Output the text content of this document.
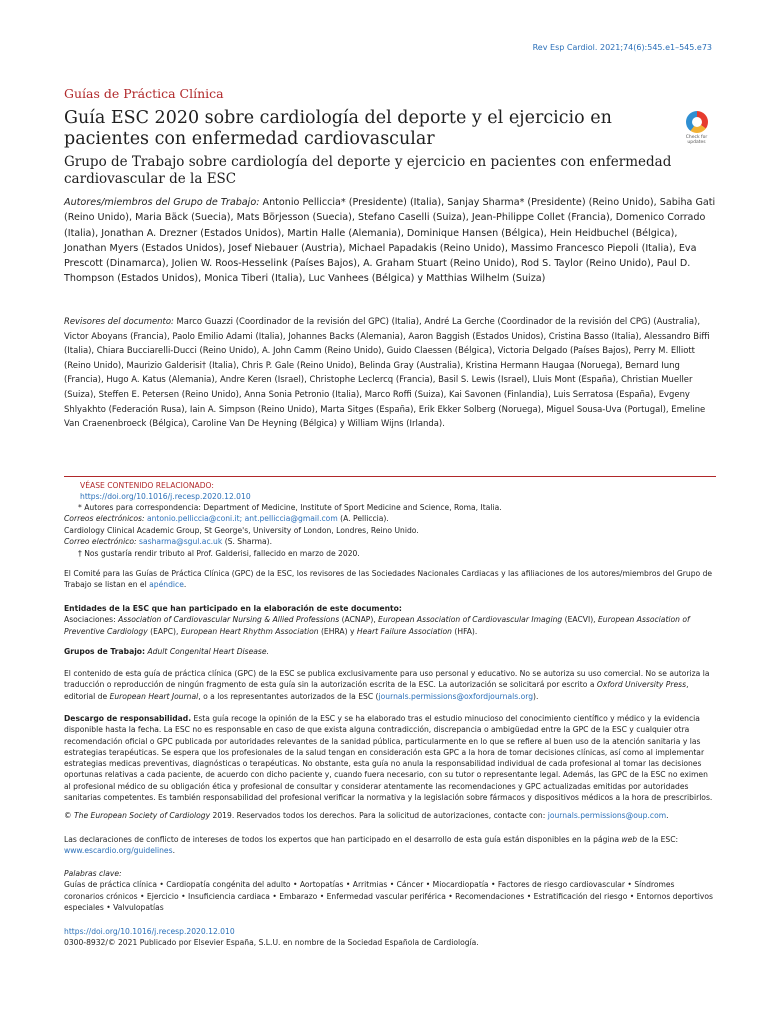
Rev Esp Cardiol. 2021;74(6):545.e1–545.e73
Guías de Práctica Clínica
Guía ESC 2020 sobre cardiología del deporte y el ejercicio en pacientes con enfermedad cardiovascular	Check for updates
Grupo de Trabajo sobre cardiología del deporte y ejercicio en pacientes con enfermedad cardiovascular de la ESC
Autores/miembros del Grupo de Trabajo: Antonio Pelliccia* (Presidente) (Italia), Sanjay Sharma* (Presidente) (Reino Unido), Sabiha Gati (Reino Unido), Maria Bäck (Suecia), Mats Börjesson (Suecia), Stefano Caselli (Suiza), Jean-Philippe Collet (Francia), Domenico Corrado (Italia), Jonathan A. Drezner (Estados Unidos), Martin Halle (Alemania), Dominique Hansen (Bélgica), Hein Heidbuchel (Bélgica), Jonathan Myers (Estados Unidos), Josef Niebauer (Austria), Michael Papadakis (Reino Unido), Massimo Francesco Piepoli (Italia), Eva Prescott (Dinamarca), Jolien W. Roos-Hesselink (Países Bajos), A. Graham Stuart (Reino Unido), Rod S. Taylor (Reino Unido), Paul D. Thompson (Estados Unidos), Monica Tiberi (Italia), Luc Vanhees (Bélgica) y Matthias Wilhelm (Suiza)
Revisores del documento: Marco Guazzi (Coordinador de la revisión del GPC) (Italia), André La Gerche (Coordinador de la revisión del CPG) (Australia), Victor Aboyans (Francia), Paolo Emilio Adami (Italia), Johannes Backs (Alemania), Aaron Baggish (Estados Unidos), Cristina Basso (Italia), Alessandro Biffi (Italia), Chiara Bucciarelli-Ducci (Reino Unido), A. John Camm (Reino Unido), Guido Claessen (Bélgica), Victoria Delgado (Países Bajos), Perry M. Elliott (Reino Unido), Maurizio Galderisi† (Italia), Chris P. Gale (Reino Unido), Belinda Gray (Australia), Kristina Hermann Haugaa (Noruega), Bernard Iung (Francia), Hugo A. Katus (Alemania), Andre Keren (Israel), Christophe Leclercq (Francia), Basil S. Lewis (Israel), Lluis Mont (España), Christian Mueller (Suiza), Steffen E. Petersen (Reino Unido), Anna Sonia Petronio (Italia), Marco Roffi (Suiza), Kai Savonen (Finlandia), Luis Serratosa (España), Evgeny Shlyakhto (Federación Rusa), Iain A. Simpson (Reino Unido), Marta Sitges (España), Erik Ekker Solberg (Noruega), Miguel Sousa-Uva (Portugal), Emeline Van Craenenbroeck (Bélgica), Caroline Van De Heyning (Bélgica) y William Wijns (Irlanda).
VÉASE CONTENIDO RELACIONADO:
https://doi.org/10.1016/j.recesp.2020.12.010

* Autores para correspondencia: Department of Medicine, Institute of Sport Medicine and Science, Roma, Italia.

Correos electrónicos: antonio.pelliccia@coni.it; ant.pelliccia@gmail.com (A. Pelliccia).

Cardiology Clinical Academic Group, St George's, University of London, Londres, Reino Unido.

Correo electrónico: sasharma@sgul.ac.uk (S. Sharma).

† Nos gustaría rendir tributo al Prof. Galderisi, fallecido en marzo de 2020.

El Comité para las Guías de Práctica Clínica (GPC) de la ESC, los revisores de las Sociedades Nacionales Cardiacas y las afiliaciones de los autores/miembros del Grupo de Trabajo se listan en el apéndice.

Entidades de la ESC que han participado en la elaboración de este documento:
Asociaciones: Association of Cardiovascular Nursing & Allied Professions (ACNAP), European Association of Cardiovascular Imaging (EACVI), European Association of Preventive Cardiology (EAPC), European Heart Rhythm Association (EHRA) y Heart Failure Association (HFA).

Grupos de Trabajo: Adult Congenital Heart Disease.

El contenido de esta guía de práctica clínica (GPC) de la ESC se publica exclusivamente para uso personal y educativo. No se autoriza su uso comercial. No se autoriza la traducción o reproducción de ningún fragmento de esta guía sin la autorización escrita de la ESC. La autorización se solicitará por escrito a Oxford University Press, editorial de European Heart Journal, o a los representantes autorizados de la ESC (journals.permissions@oxfordjournals.org).

Descargo de responsabilidad. Esta guía recoge la opinión de la ESC y se ha elaborado tras el estudio minucioso del conocimiento científico y médico y la evidencia disponible hasta la fecha. La ESC no es responsable en caso de que exista alguna contradicción, discrepancia o ambigüedad entre la GPC de la ESC y cualquier otra recomendación oficial o GPC publicada por autoridades relevantes de la sanidad pública, particularmente en lo que se refiere al buen uso de la atención sanitaria y las estrategias terapéuticas. Se espera que los profesionales de la salud tengan en consideración esta GPC a la hora de tomar decisiones clínicas, así como al implementar estrategias medicas preventivas, diagnósticas o terapéuticas. No obstante, esta guía no anula la responsabilidad individual de cada profesional al tomar las decisiones oportunas relativas a cada paciente, de acuerdo con dicho paciente y, cuando fuera necesario, con su tutor o representante legal. Además, las GPC de la ESC no eximen al profesional médico de su obligación ética y profesional de consultar y considerar atentamente las recomendaciones y GPC actualizadas emitidas por autoridades sanitarias competentes. Es también responsabilidad del profesional verificar la normativa y la legislación sobre fármacos y dispositivos médicos a la hora de prescribirlos.

© The European Society of Cardiology 2019. Reservados todos los derechos. Para la solicitud de autorizaciones, contacte con: journals.permissions@oup.com.

Las declaraciones de conflicto de intereses de todos los expertos que han participado en el desarrollo de esta guía están disponibles en la página web de la ESC: www.escardio.org/guidelines.

Palabras clave:
Guías de práctica clínica • Cardiopatía congénita del adulto • Aortopatías • Arritmias • Cáncer • Miocardiopatía • Factores de riesgo cardiovascular • Síndromes coronarios crónicos • Ejercicio • Insuficiencia cardiaca • Embarazo • Enfermedad vascular periférica • Recomendaciones • Estratificación del riesgo • Entornos deportivos especiales • Valvulopatías

https://doi.org/10.1016/j.recesp.2020.12.010
0300-8932/© 2021 Publicado por Elsevier España, S.L.U. en nombre de la Sociedad Española de Cardiología.
